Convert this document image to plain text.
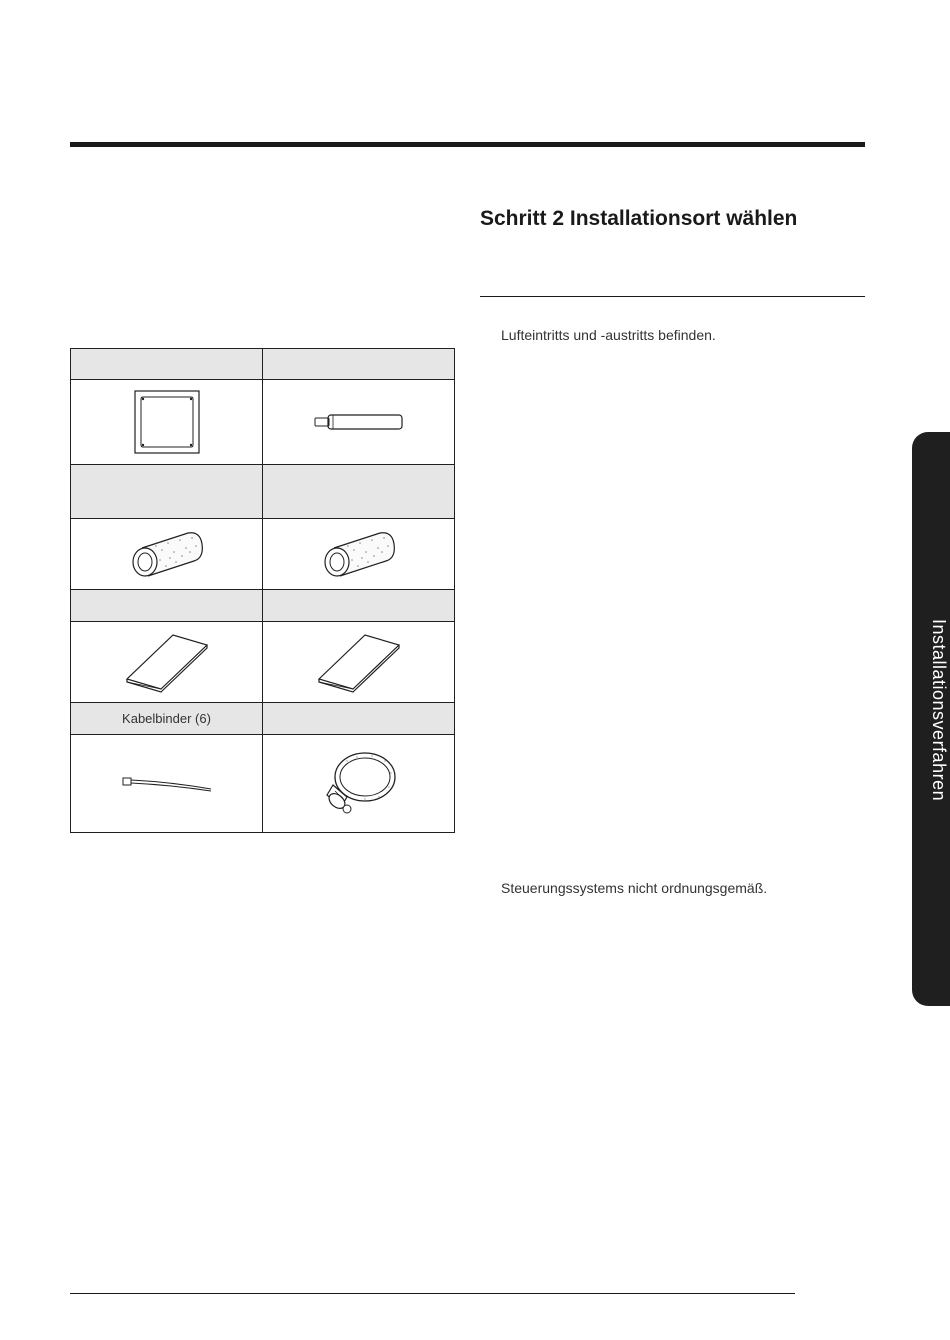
Schritt 2 Installationsort wählen

Lufteintritts und -austritts befinden.

Steuerungssystems nicht ordnungsgemäß.

Installationsverfahren

Kabelbinder (6)	
